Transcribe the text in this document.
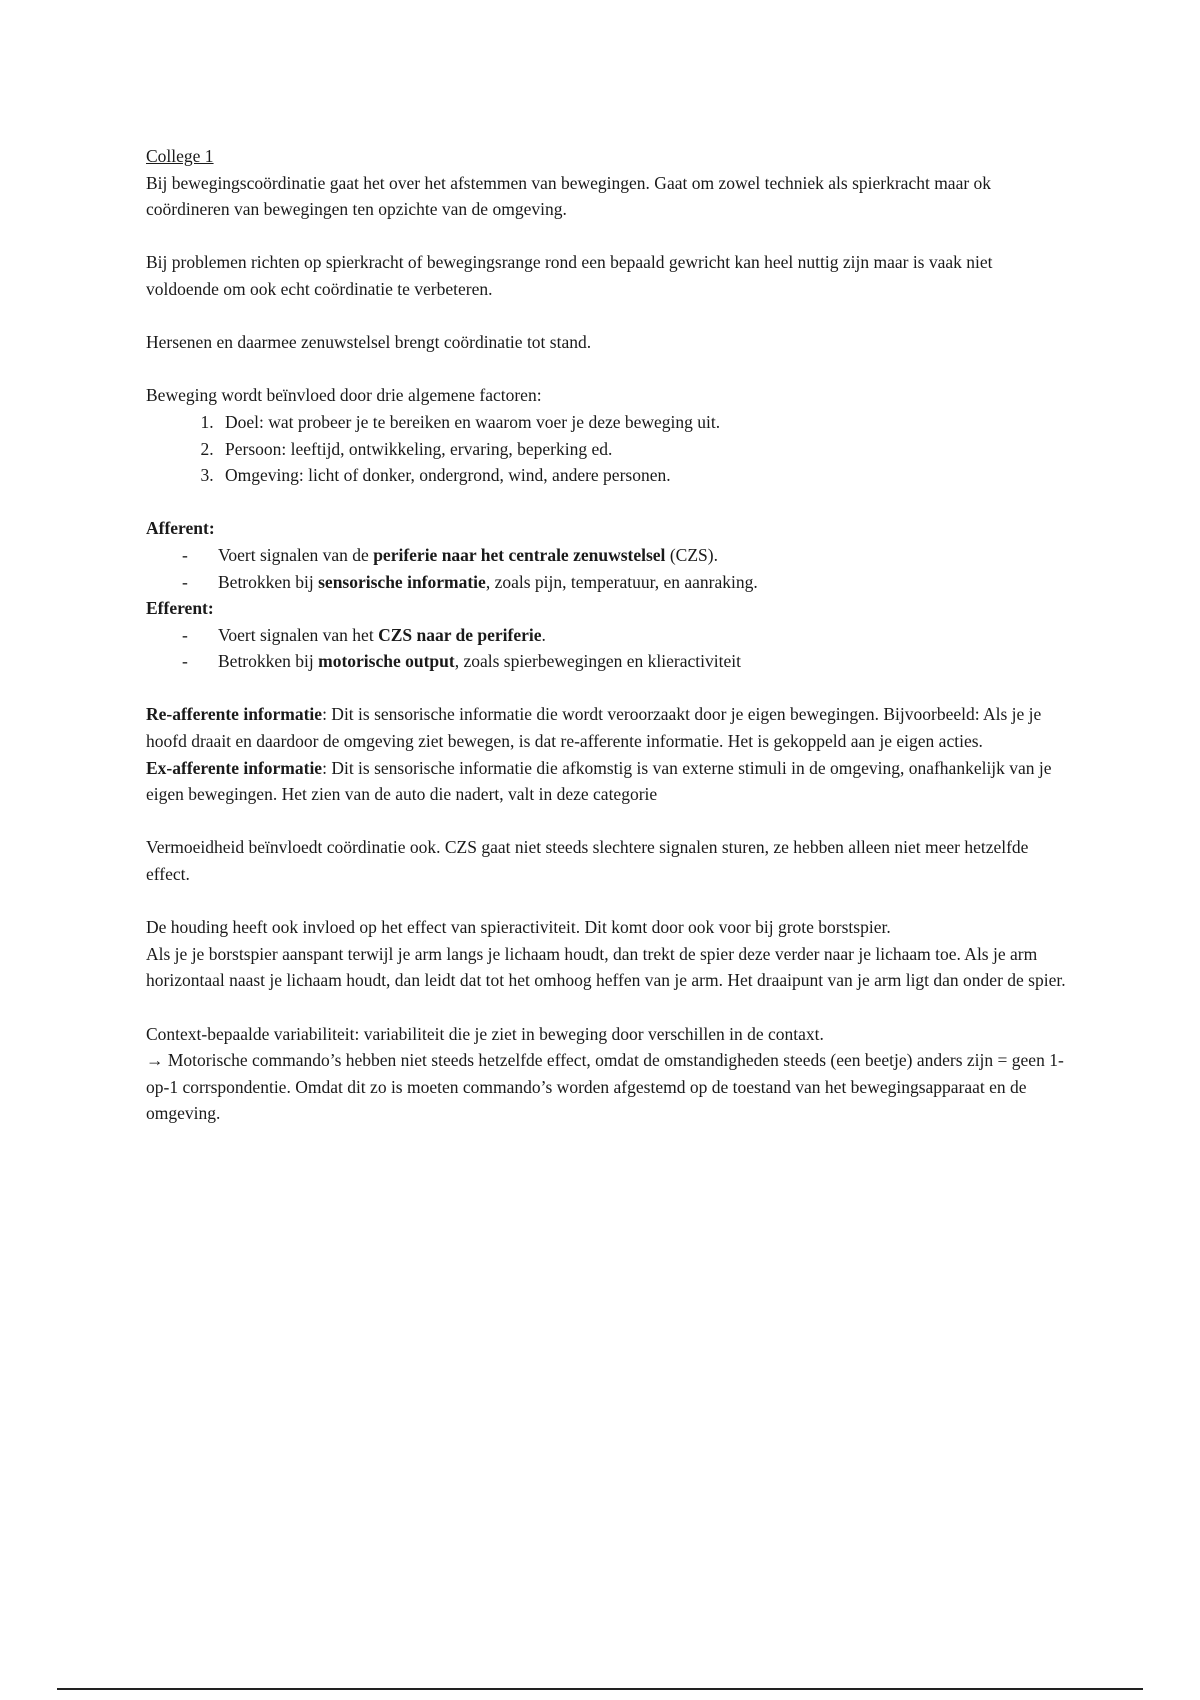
College 1

Bij bewegingscoördinatie gaat het over het afstemmen van bewegingen. Gaat om zowel techniek als spierkracht maar ok coördineren van bewegingen ten opzichte van de omgeving.

Bij problemen richten op spierkracht of bewegingsrange rond een bepaald gewricht kan heel nuttig zijn maar is vaak niet voldoende om ook echt coördinatie te verbeteren.

Hersenen en daarmee zenuwstelsel brengt coördinatie tot stand.

Beweging wordt beïnvloed door drie algemene factoren:

1. Doel: wat probeer je te bereiken en waarom voer je deze beweging uit.
2. Persoon: leeftijd, ontwikkeling, ervaring, beperking ed.
3. Omgeving: licht of donker, ondergrond, wind, andere personen.

Afferent:

- Voert signalen van de periferie naar het centrale zenuwstelsel (CZS).
- Betrokken bij sensorische informatie, zoals pijn, temperatuur, en aanraking.

Efferent:

- Voert signalen van het CZS naar de periferie.
- Betrokken bij motorische output, zoals spierbewegingen en klieractiviteit

Re-afferente informatie: Dit is sensorische informatie die wordt veroorzaakt door je eigen bewegingen. Bijvoorbeeld: Als je je hoofd draait en daardoor de omgeving ziet bewegen, is dat re-afferente informatie. Het is gekoppeld aan je eigen acties.

Ex-afferente informatie: Dit is sensorische informatie die afkomstig is van externe stimuli in de omgeving, onafhankelijk van je eigen bewegingen. Het zien van de auto die nadert, valt in deze categorie

Vermoeidheid beïnvloedt coördinatie ook. CZS gaat niet steeds slechtere signalen sturen, ze hebben alleen niet meer hetzelfde effect.

De houding heeft ook invloed op het effect van spieractiviteit. Dit komt door ook voor bij grote borstspier.

Als je je borstspier aanspant terwijl je arm langs je lichaam houdt, dan trekt de spier deze verder naar je lichaam toe. Als je arm horizontaal naast je lichaam houdt, dan leidt dat tot het omhoog heffen van je arm. Het draaipunt van je arm ligt dan onder de spier.

Context-bepaalde variabiliteit: variabiliteit die je ziet in beweging door verschillen in de contaxt.

→ Motorische commando’s hebben niet steeds hetzelfde effect, omdat de omstandigheden steeds (een beetje) anders zijn = geen 1-op-1 corrspondentie. Omdat dit zo is moeten commando’s worden afgestemd op de toestand van het bewegingsapparaat en de omgeving.
